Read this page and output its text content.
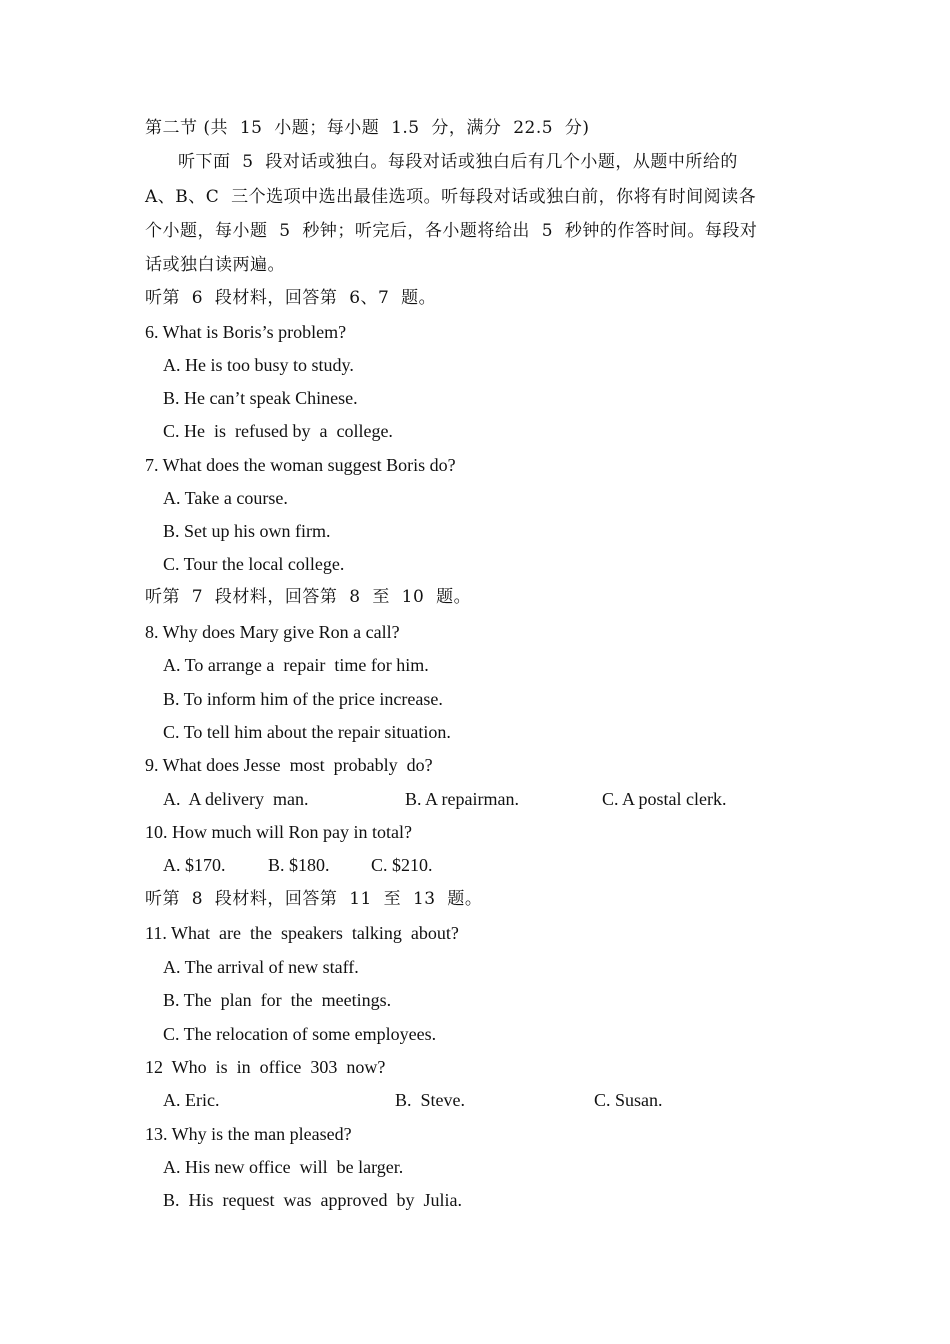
第二节 (共  15  小题；每小题  1.5  分，满分  22.5  分)
听下面  5  段对话或独白。每段对话或独白后有几个小题，从题中所给的
A、B、C  三个选项中选出最佳选项。听每段对话或独白前，你将有时间阅读各
个小题，每小题  5  秒钟；听完后，各小题将给出  5  秒钟的作答时间。每段对
话或独白读两遍。
听第  6  段材料，回答第  6、7  题。
6. What is Boris’s problem?
A. He is too busy to study.
B. He can’t speak Chinese.
C. He  is  refused by  a  college.
7. What does the woman suggest Boris do?
A. Take a course.
B. Set up his own firm.
C. Tour the local college.
听第  7  段材料，回答第  8  至  10  题。
8. Why does Mary give Ron a call?
A. To arrange a  repair  time for him.
B. To inform him of the price increase.
C. To tell him about the repair situation.
9. What does Jesse  most  probably  do?
A.  A delivery  man.	B. A repairman.	C. A postal clerk.
10. How much will Ron pay in total?
A. $170. B. $180. C. $210.
听第  8  段材料，回答第  11  至  13  题。
11. What  are  the  speakers  talking  about?
A. The arrival of new staff.
B. The  plan  for  the  meetings.
C. The relocation of some employees.
12  Who  is  in  office  303  now?
A. Eric.	B.  Steve.	C. Susan.
13. Why is the man pleased?
A. His new office  will  be larger.
B.  His  request  was  approved  by  Julia.
